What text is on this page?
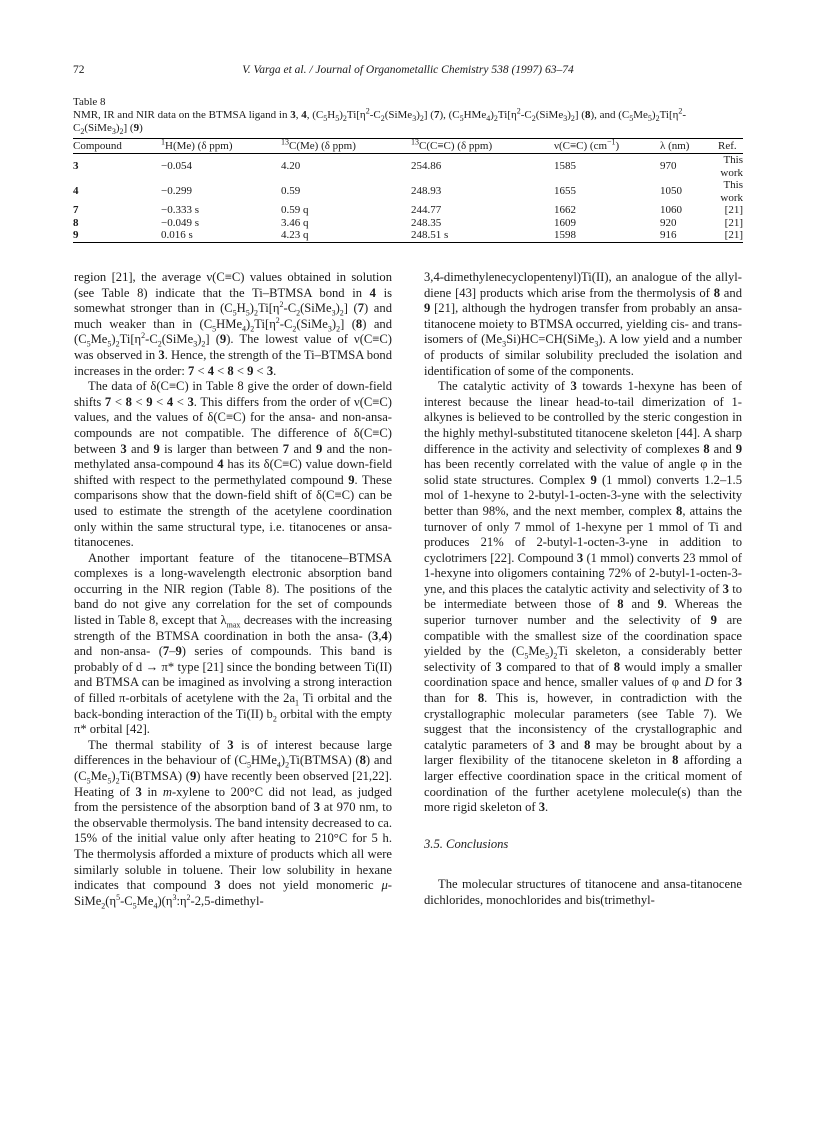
72	V. Varga et al. / Journal of Organometallic Chemistry 538 (1997) 63–74
Table 8
NMR, IR and NIR data on the BTMSA ligand in 3, 4, $(C_5H_5)_2Ti[\eta^2-C_2(SiMe_3)_2]$ (7), $(C_5HMe_4)_2Ti[\eta^2-C_2(SiMe_3)_2]$ (8), and $(C_5Me_5)_2Ti[\eta^2-$
$C_2(SiMe_3)_2$] (9)
Compound	$^1$H(Me) (δ ppm)	$^{13}$C(Me) (δ ppm)	$^{13}$C(C≡C) (δ ppm)	ν(C≡C) $(cm^{-1})$	λ (nm)	Ref.
3	−0.054	4.20	254.86	1585	970	This work
4	−0.299	0.59	248.93	1655	1050	This work
7	−0.333 s	0.59 q	244.77	1662	1060	[21]
8	−0.049 s	3.46 q	248.35	1609	920	[21]
9	0.016 s	4.23 q	248.51 s	1598	916	[21]

region [21], the average ν(C≡C) values obtained in solution (see Table 8) indicate that the Ti–BTMSA bond in 4 is somewhat stronger than in $(C_5H_5)_2Ti[\eta^2-C_2(SiMe_3)_2]$ (7) and much weaker than in $(C_5HMe_4)_2Ti[\eta^2-C_2(SiMe_3)_2]$ (8) and $(C_5Me_5)_2Ti[\eta^2-C_2(SiMe_3)_2]$ (9). The lowest value of ν(C≡C) was observed in 3. Hence, the strength of the Ti–BTMSA bond increases in the order: 7 < 4 < 8 < 9 < 3.

The data of δ(C≡C) in Table 8 give the order of down-field shifts 7 < 8 < 9 < 4 < 3. This differs from the order of ν(C≡C) values, and the values of δ(C≡C) for the ansa- and non-ansa-compounds are not compatible. The difference of δ(C≡C) between 3 and 9 is larger than between 7 and 9 and the non-methylated ansa-compound 4 has its δ(C≡C) value down-field shifted with respect to the permethylated compound 9. These comparisons show that the down-field shift of δ(C≡C) can be used to estimate the strength of the acetylene coordination only within the same structural type, i.e. titanocenes or ansa-titanocenes.

Another important feature of the titanocene–BTMSA complexes is a long-wavelength electronic absorption band occurring in the NIR region (Table 8). The positions of the band do not give any correlation for the set of compounds listed in Table 8, except that $\lambda_{max}$ decreases with the increasing strength of the BTMSA coordination in both the ansa- (3,4) and non-ansa- (7–9) series of compounds. This band is probably of d → π* type [21] since the bonding between Ti(II) and BTMSA can be imagined as involving a strong interaction of filled π-orbitals of acetylene with the $2a_1$ Ti orbital and the back-bonding interaction of the Ti(II) $b_2$ orbital with the empty π* orbital [42].

The thermal stability of 3 is of interest because large differences in the behaviour of $(C_5HMe_4)_2Ti(BTMSA)$ (8) and $(C_5Me_5)_2Ti(BTMSA)$ (9) have recently been observed [21,22]. Heating of 3 in m-xylene to 200°C did not lead, as judged from the persistence of the absorption band of 3 at 970 nm, to the observable thermolysis. The band intensity decreased to ca. 15% of the initial value only after heating to 210°C for 5 h. The thermolysis afforded a mixture of products which all were similarly soluble in toluene. Their low solubility in hexane indicates that compound 3 does not yield monomeric $\mu-SiMe_2(\eta^5-C_5Me_4)(\eta^3:\eta^2-2,5-dimethyl-$

3,4-dimethylenecyclopentenyl)Ti(II), an analogue of the allyl-diene [43] products which arise from the thermolysis of 8 and 9 [21], although the hydrogen transfer from probably an ansa-titanocene moiety to BTMSA occurred, yielding cis- and trans-isomers of $(Me_3Si)HC=CH(SiMe_3)$. A low yield and a number of products of similar solubility precluded the isolation and identification of some of the components.

The catalytic activity of 3 towards 1-hexyne has been of interest because the linear head-to-tail dimerization of 1-alkynes is believed to be controlled by the steric congestion in the highly methyl-substituted titanocene skeleton [44]. A sharp difference in the activity and selectivity of complexes 8 and 9 has been recently correlated with the value of angle φ in the solid state structures. Complex 9 (1 mmol) converts 1.2–1.5 mol of 1-hexyne to 2-butyl-1-octen-3-yne with the selectivity better than 98%, and the next member, complex 8, attains the turnover of only 7 mmol of 1-hexyne per 1 mmol of Ti and produces 21% of 2-butyl-1-octen-3-yne in addition to cyclotrimers [22]. Compound 3 (1 mmol) converts 23 mmol of 1-hexyne into oligomers containing 72% of 2-butyl-1-octen-3-yne, and this places the catalytic activity and selectivity of 3 to be intermediate between those of 8 and 9. Whereas the superior turnover number and the selectivity of 9 are compatible with the smallest size of the coordination space yielded by the $(C_5Me_5)_2Ti$ skeleton, a considerably better selectivity of 3 compared to that of 8 would imply a smaller coordination space and hence, smaller values of φ and D for 3 than for 8. This is, however, in contradiction with the crystallographic molecular parameters (see Table 7). We suggest that the inconsistency of the crystallographic and catalytic parameters of 3 and 8 may be brought about by a larger flexibility of the titanocene skeleton in 8 affording a larger effective coordination space in the critical moment of coordination of the further acetylene molecule(s) than the more rigid skeleton of 3.

3.5. Conclusions

The molecular structures of titanocene and ansa-titanocene dichlorides, monochlorides and bis(trimethyl-
